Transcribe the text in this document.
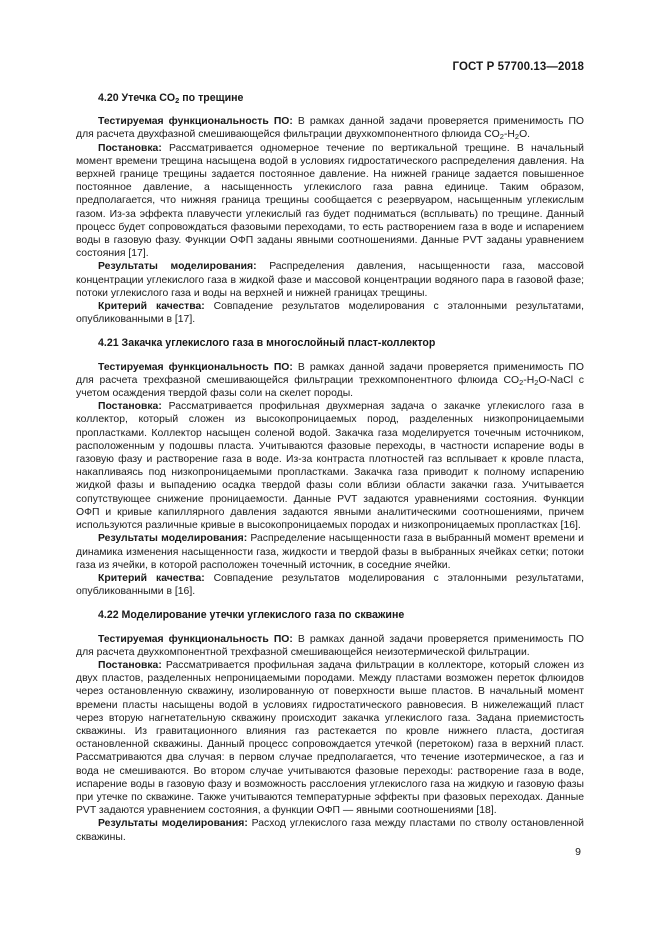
ГОСТ Р 57700.13—2018
4.20 Утечка $CO_2$ по трещине

Тестируемая функциональность ПО: В рамках данной задачи проверяется применимость ПО для расчета двухфазной смешивающейся фильтрации двухкомпонентного флюида $CO_2-H_2O$.

Постановка: Рассматривается одномерное течение по вертикальной трещине. В начальный момент времени трещина насыщена водой в условиях гидростатического распределения давления. На верхней границе трещины задается постоянное давление. На нижней границе задается повышенное постоянное давление, а насыщенность углекислого газа равна единице. Таким образом, предполагается, что нижняя граница трещины сообщается с резервуаром, насыщенным углекислым газом. Из-за эффекта плавучести углекислый газ будет подниматься (всплывать) по трещине. Данный процесс будет сопровождаться фазовыми переходами, то есть растворением газа в воде и испарением воды в газовую фазу. Функции ОФП заданы явными соотношениями. Данные PVT заданы уравнением состояния [17].

Результаты моделирования: Распределения давления, насыщенности газа, массовой концентрации углекислого газа в жидкой фазе и массовой концентрации водяного пара в газовой фазе; потоки углекислого газа и воды на верхней и нижней границах трещины.

Критерий качества: Совпадение результатов моделирования с эталонными результатами, опубликованными в [17].

4.21 Закачка углекислого газа в многослойный пласт-коллектор

Тестируемая функциональность ПО: В рамках данной задачи проверяется применимость ПО для расчета трехфазной смешивающейся фильтрации трехкомпонентного флюида $CO_2-H_2O$-NaCl с учетом осаждения твердой фазы соли на скелет породы.

Постановка: Рассматривается профильная двухмерная задача о закачке углекислого газа в коллектор, который сложен из высокопроницаемых пород, разделенных низкопроницаемыми пропластками. Коллектор насыщен соленой водой. Закачка газа моделируется точечным источником, расположенным у подошвы пласта. Учитываются фазовые переходы, в частности испарение воды в газовую фазу и растворение газа в воде. Из-за контраста плотностей газ всплывает к кровле пласта, накапливаясь под низкопроницаемыми пропластками. Закачка газа приводит к полному испарению жидкой фазы и выпадению осадка твердой фазы соли вблизи области закачки газа. Учитывается сопутствующее снижение проницаемости. Данные PVT задаются уравнениями состояния. Функции ОФП и кривые капиллярного давления задаются явными аналитическими соотношениями, причем используются различные кривые в высокопроницаемых породах и низкопроницаемых пропластках [16].

Результаты моделирования: Распределение насыщенности газа в выбранный момент времени и динамика изменения насыщенности газа, жидкости и твердой фазы в выбранных ячейках сетки; потоки газа из ячейки, в которой расположен точечный источник, в соседние ячейки.

Критерий качества: Совпадение результатов моделирования с эталонными результатами, опубликованными в [16].

4.22 Моделирование утечки углекислого газа по скважине

Тестируемая функциональность ПО: В рамках данной задачи проверяется применимость ПО для расчета двухкомпонентной трехфазной смешивающейся неизотермической фильтрации.

Постановка: Рассматривается профильная задача фильтрации в коллекторе, который сложен из двух пластов, разделенных непроницаемыми породами. Между пластами возможен переток флюидов через остановленную скважину, изолированную от поверхности выше пластов. В начальный момент времени пласты насыщены водой в условиях гидростатического равновесия. В нижележащий пласт через вторую нагнетательную скважину происходит закачка углекислого газа. Задана приемистость скважины. Из гравитационного влияния газ растекается по кровле нижнего пласта, достигая остановленной скважины. Данный процесс сопровождается утечкой (перетоком) газа в верхний пласт. Рассматриваются два случая: в первом случае предполагается, что течение изотермическое, а газ и вода не смешиваются. Во втором случае учитываются фазовые переходы: растворение газа в воде, испарение воды в газовую фазу и возможность расслоения углекислого газа на жидкую и газовую фазы при утечке по скважине. Также учитываются температурные эффекты при фазовых переходах. Данные PVT задаются уравнением состояния, а функции ОФП — явными соотношениями [18].

Результаты моделирования: Расход углекислого газа между пластами по стволу остановленной скважины.

9
